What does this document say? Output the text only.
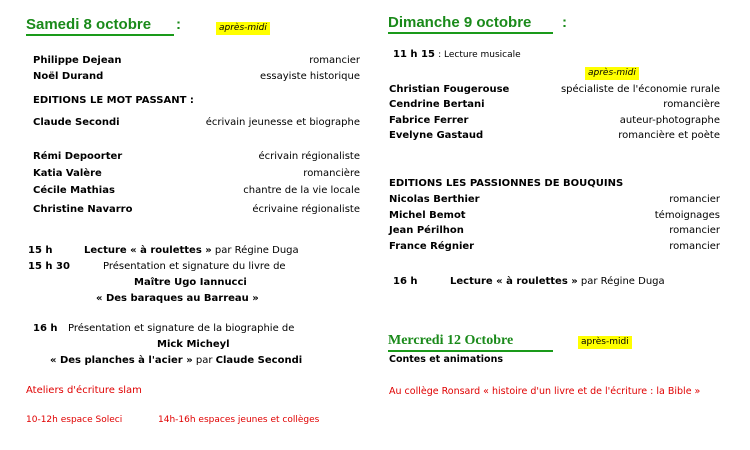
Samedi 8 octobre :	après-midi
Philippe Dejean	romancier
Noël Durand	essayiste historique
EDITIONS LE MOT PASSANT :
Claude Secondi	écrivain jeunesse et biographe
Rémi Depoorter	écrivain régionaliste
Katia Valère	romancière
Cécile Mathias	chantre de la vie locale
Christine Navarro	écrivaine régionaliste
15 h	Lecture « à roulettes » par Régine Duga
15 h 30	Présentation et signature du livre de
Maître Ugo Iannucci
« Des baraques au Barreau »
16 h Présentation et signature de la biographie de
Mick Micheyl
« Des planches à l'acier » par Claude Secondi
Ateliers d'écriture slam
10-12h espace Soleci	14h-16h espaces jeunes et collèges
Dimanche 9 octobre :
11 h 15 : Lecture musicale
après-midi
Christian Fougerouse	spécialiste de l'économie rurale
Cendrine Bertani	romancière
Fabrice Ferrer	auteur-photographe
Evelyne Gastaud	romancière et poète
EDITIONS LES PASSIONNES DE BOUQUINS
Nicolas Berthier	romancier
Michel Bemot	témoignages
Jean Périlhon	romancier
France Régnier	romancier
16 h	Lecture « à roulettes » par Régine Duga
Mercredi 12 Octobre	après-midi
Contes et animations
Au collège Ronsard « histoire d'un livre et de l'écriture : la Bible »
